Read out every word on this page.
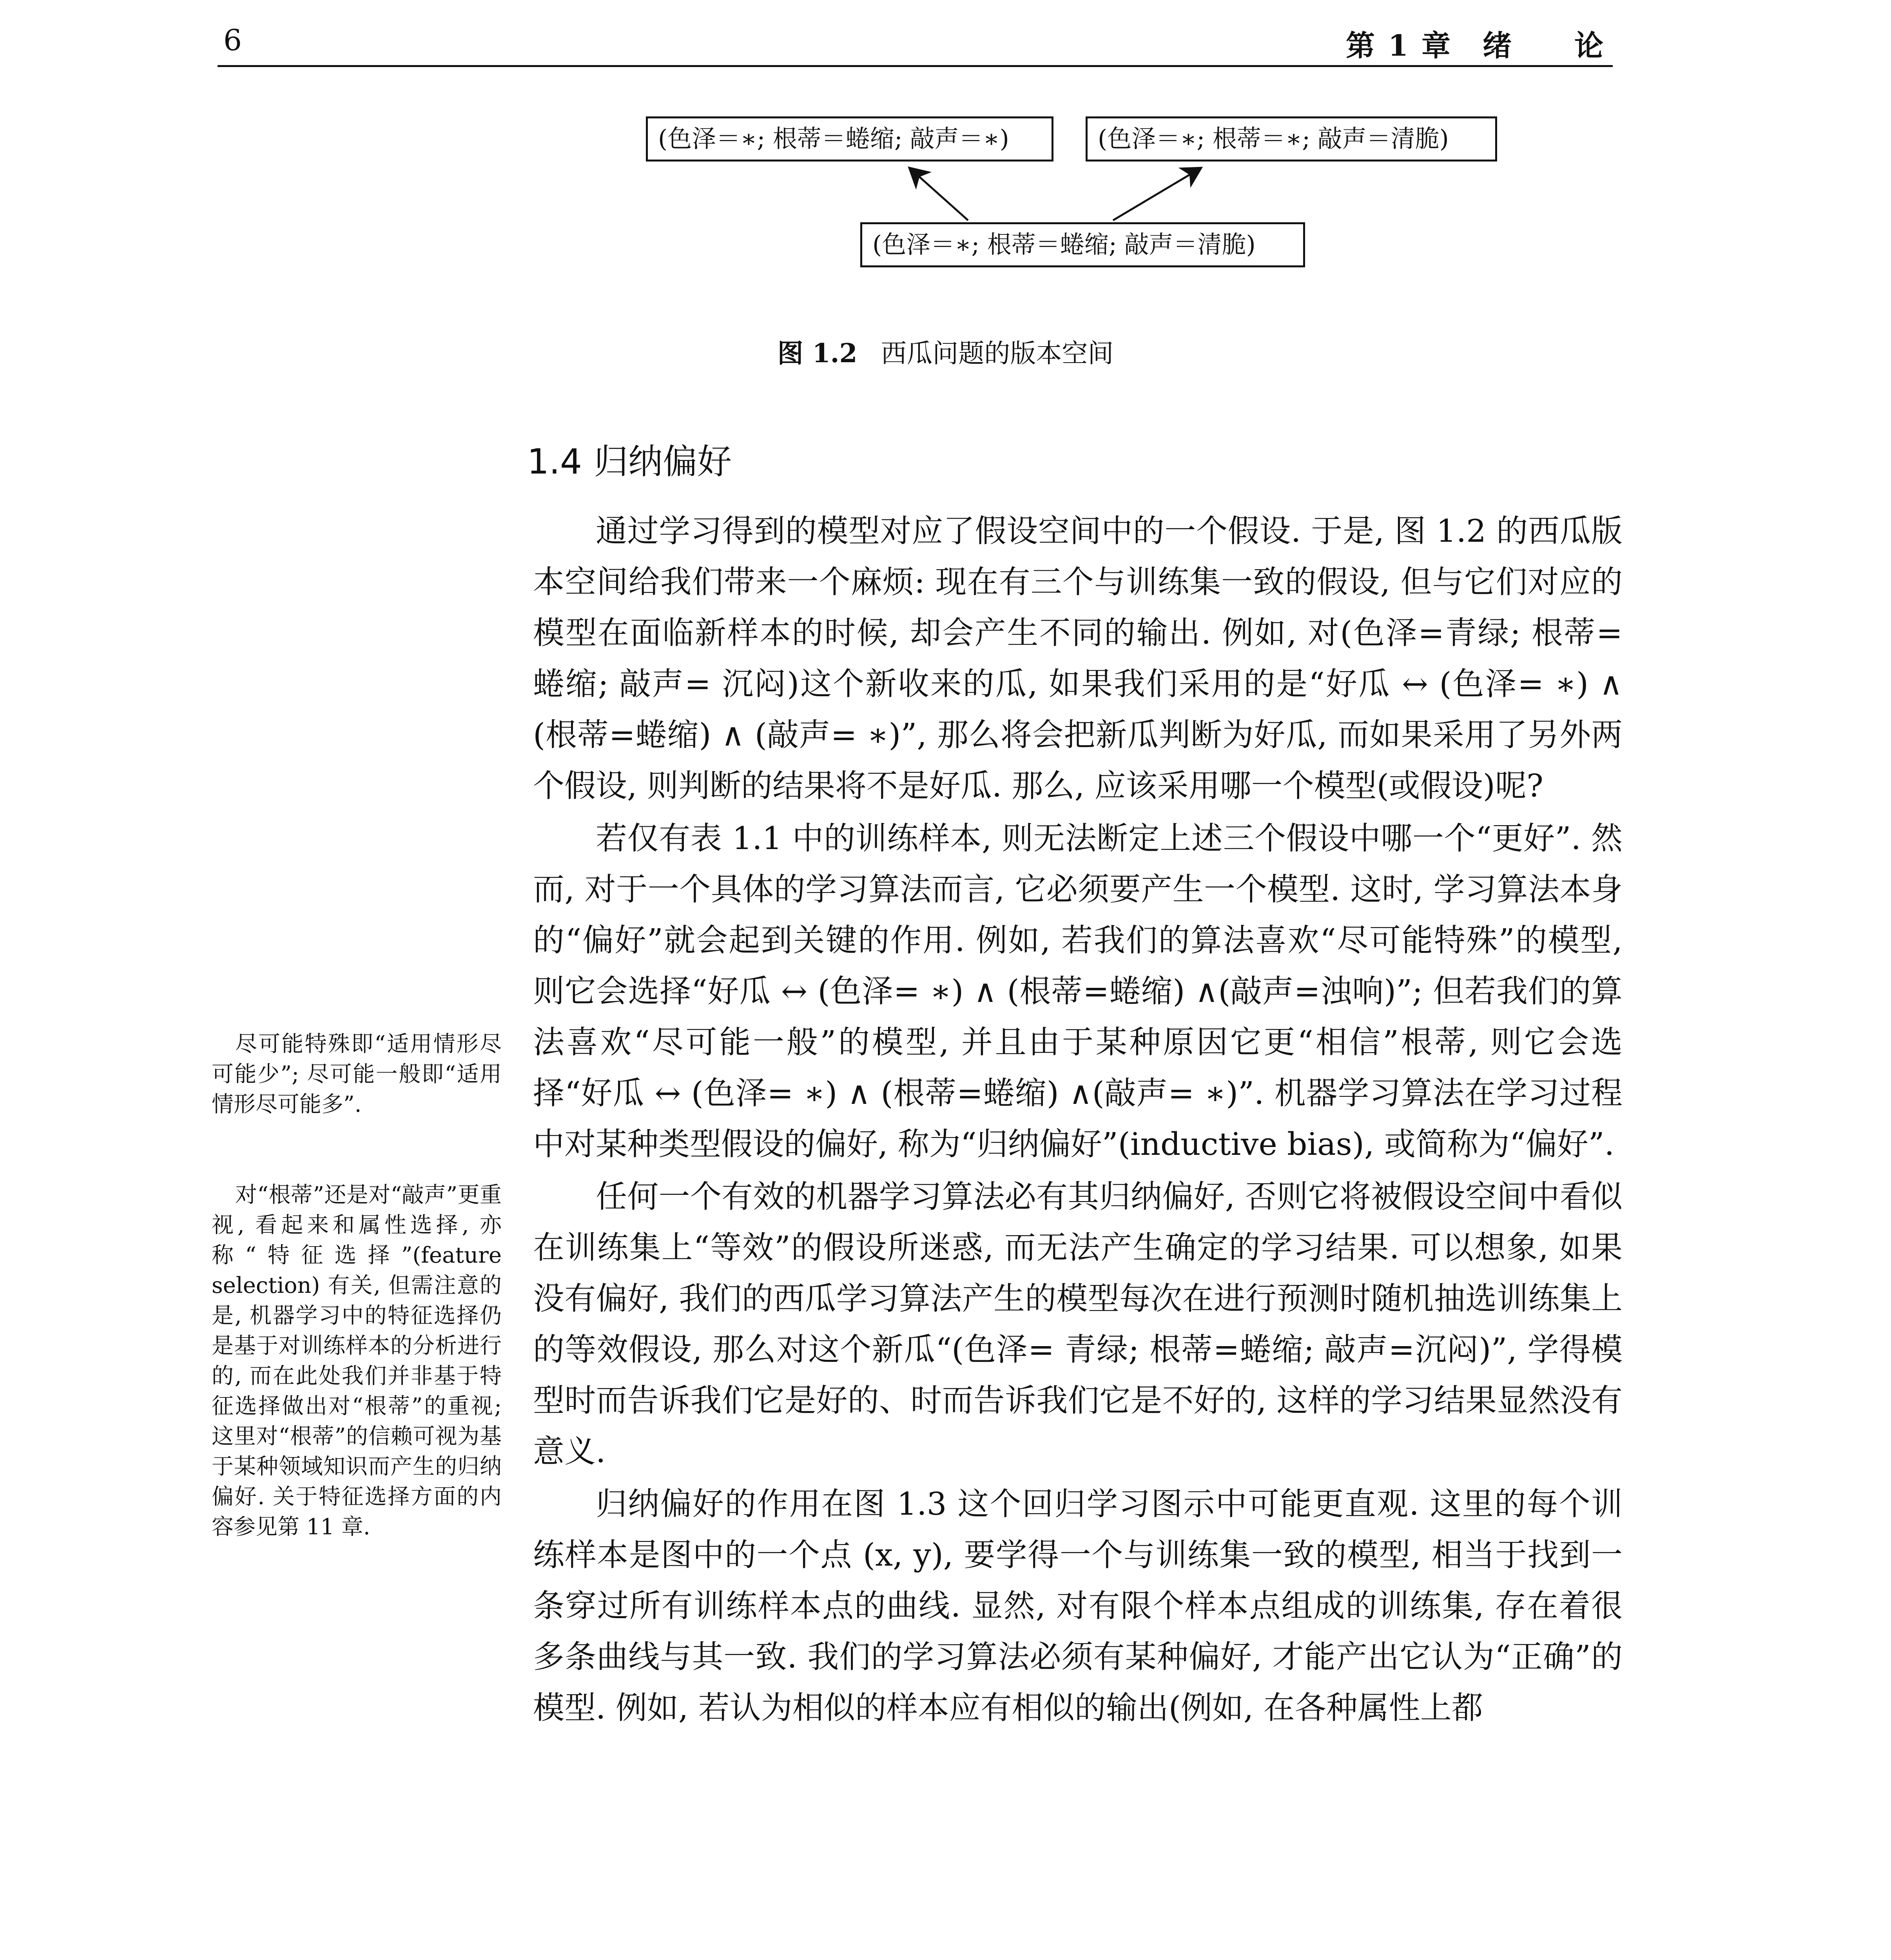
6	第 1 章　绪　　论
(色泽＝∗; 根蒂＝蜷缩; 敲声＝∗)	(色泽＝∗; 根蒂＝∗; 敲声＝清脆)
(色泽＝∗; 根蒂＝蜷缩; 敲声＝清脆)
图 1.2 西瓜问题的版本空间
1.4 归纳偏好

通过学习得到的模型对应了假设空间中的一个假设. 于是, 图 1.2 的西瓜版本空间给我们带来一个麻烦: 现在有三个与训练集一致的假设, 但与它们对应的模型在面临新样本的时候, 却会产生不同的输出. 例如, 对(色泽=青绿; 根蒂= 蜷缩; 敲声= 沉闷)这个新收来的瓜, 如果我们采用的是“好瓜 ↔ (色泽= ∗) ∧ (根蒂=蜷缩) ∧ (敲声= ∗)”, 那么将会把新瓜判断为好瓜, 而如果采用了另外两个假设, 则判断的结果将不是好瓜. 那么, 应该采用哪一个模型(或假设)呢?

若仅有表 1.1 中的训练样本, 则无法断定上述三个假设中哪一个“更好”. 然而, 对于一个具体的学习算法而言, 它必须要产生一个模型. 这时, 学习算法本身的“偏好”就会起到关键的作用. 例如, 若我们的算法喜欢“尽可能特殊”的模型, 则它会选择“好瓜 ↔ (色泽= ∗) ∧ (根蒂=蜷缩) ∧(敲声=浊响)”; 但若我们的算法喜欢“尽可能一般”的模型, 并且由于某种原因它更“相信”根蒂, 则它会选择“好瓜 ↔ (色泽= ∗) ∧ (根蒂=蜷缩) ∧(敲声= ∗)”. 机器学习算法在学习过程中对某种类型假设的偏好, 称为“归纳偏好”(inductive bias), 或简称为“偏好”.

任何一个有效的机器学习算法必有其归纳偏好, 否则它将被假设空间中看似在训练集上“等效”的假设所迷惑, 而无法产生确定的学习结果. 可以想象, 如果没有偏好, 我们的西瓜学习算法产生的模型每次在进行预测时随机抽选训练集上的等效假设, 那么对这个新瓜“(色泽= 青绿; 根蒂=蜷缩; 敲声=沉闷)”, 学得模型时而告诉我们它是好的、时而告诉我们它是不好的, 这样的学习结果显然没有意义.

归纳偏好的作用在图 1.3 这个回归学习图示中可能更直观. 这里的每个训练样本是图中的一个点 (x, y), 要学得一个与训练集一致的模型, 相当于找到一条穿过所有训练样本点的曲线. 显然, 对有限个样本点组成的训练集, 存在着很多条曲线与其一致. 我们的学习算法必须有某种偏好, 才能产出它认为“正确”的模型. 例如, 若认为相似的样本应有相似的输出(例如, 在各种属性上都

尽可能特殊即“适用情形尽可能少”; 尽可能一般即“适用情形尽可能多”.

对“根蒂”还是对“敲声”更重视, 看起来和属性选择, 亦称“特征选择”(feature selection) 有关, 但需注意的是, 机器学习中的特征选择仍是基于对训练样本的分析进行的, 而在此处我们并非基于特征选择做出对“根蒂”的重视; 这里对“根蒂”的信赖可视为基于某种领域知识而产生的归纳偏好. 关于特征选择方面的内容参见第 11 章.
